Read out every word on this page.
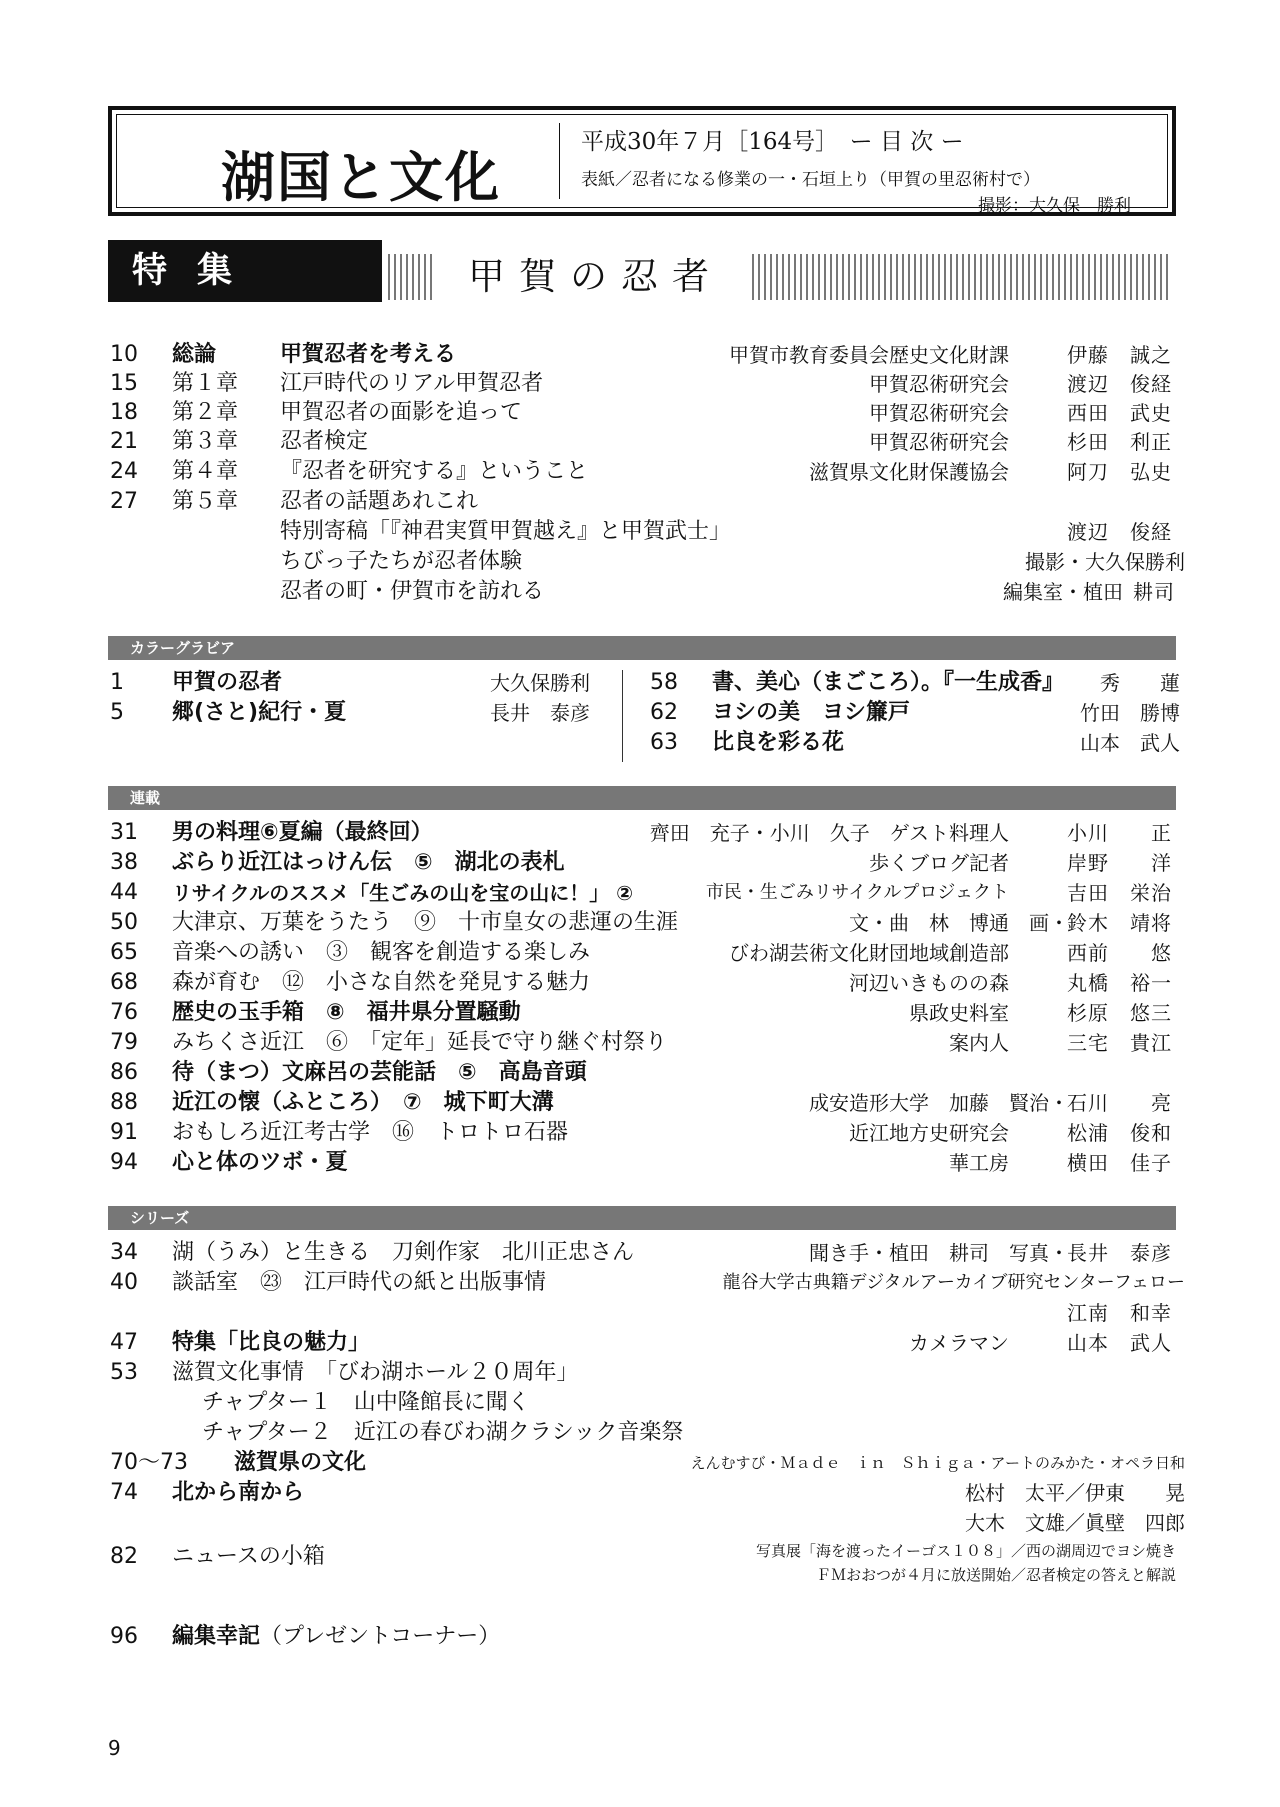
湖国と文化
平成30年７月［164号］　ー 目 次 ー
表紙／忍者になる修業の一・石垣上り（甲賀の里忍術村で）
撮影：大久保　勝利
特集	甲賀の忍者
10 総論	甲賀忍者を考える	甲賀市教育委員会歴史文化財課	伊藤　誠之
15 第１章 江戸時代のリアル甲賀忍者	甲賀忍術研究会	渡辺　俊経
18 第２章 甲賀忍者の面影を追って	甲賀忍術研究会	西田　武史
21 第３章 忍者検定	甲賀忍術研究会	杉田　利正
24 第４章 『忍者を研究する』ということ	滋賀県文化財保護協会	阿刀　弘史
27 第５章 忍者の話題あれこれ
特別寄稿「『神君実質甲賀越え』と甲賀武士」	渡辺　俊経
ちびっ子たちが忍者体験	撮影・大久保勝利
忍者の町・伊賀市を訪れる	編集室・植田 耕司
カラーグラビア
1 甲賀の忍者	大久保勝利
5 郷(さと)紀行・夏	長井　泰彦
58 書、美心（まごころ）。『一生成香』 秀　　蓮
62 ヨシの美　ヨシ簾戸	竹田　勝博
63 比良を彩る花	山本　武人
連載
31 男の料理⑥夏編（最終回）	齊田　充子・小川　久子　ゲスト料理人	小川　　正
38 ぶらり近江はっけん伝　⑤　湖北の表札	歩くブログ記者	岸野　　洋
44 リサイクルのススメ「生ごみの山を宝の山に！」 ②	市民・生ごみリサイクルプロジェクト	吉田　栄治
50 大津京、万葉をうたう　⑨　十市皇女の悲運の生涯	文・曲　林　博通　画・
鈴木　靖将
65 音楽への誘い　③　観客を創造する楽しみ	びわ湖芸術文化財団地域創造部	西前　　悠
68 森が育む　⑫　小さな自然を発見する魅力	河辺いきものの森	丸橋　裕一
76 歴史の玉手箱　⑧　福井県分置騒動	県政史料室	杉原　悠三
79 みちくさ近江　⑥　「定年」延長で守り継ぐ村祭り	案内人	三宅　貴江
86 待（まつ）文麻呂の芸能話　⑤　高島音頭
88 近江の懐（ふところ）　⑦　城下町大溝	成安造形大学　加藤　賢治・
石川　　亮
91 おもしろ近江考古学　⑯　トロトロ石器	近江地方史研究会	松浦　俊和
94 心と体のツボ・夏	華工房	横田　佳子
シリーズ
34 湖（うみ）と生きる　刀剣作家　北川正忠さん	聞き手・植田　耕司　写真・
長井　泰彦
40 談話室　㉓　江戸時代の紙と出版事情	龍谷大学古典籍デジタルアーカイブ研究センターフェロー
江南　和幸
47 特集「比良の魅力」	カメラマン	山本　武人
53 滋賀文化事情　「びわ湖ホール２０周年」
チャプター１　山中隆館長に聞く
チャプター２　近江の春びわ湖クラシック音楽祭
70～73 滋賀県の文化	えんむすび・Ｍａｄｅ　ｉｎ　Ｓｈｉｇａ・アートのみかた・オペラ日和
74 北から南から	松村　太平／伊東　　晃
大木　文雄／眞壁　四郎
82 ニュースの小箱	写真展「海を渡ったイーゴス１０８」／西の湖周辺でヨシ焼き
ＦＭおおつが４月に放送開始／忍者検定の答えと解説
96 編集幸記（プレゼントコーナー）
9
